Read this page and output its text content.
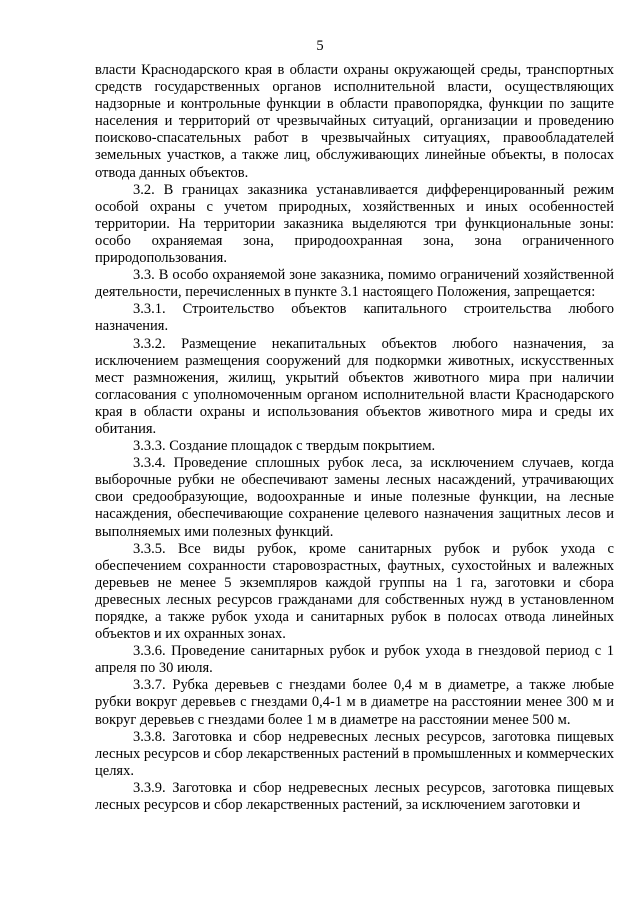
5

власти Краснодарского края в области охраны окружающей среды, транспортных средств государственных органов исполнительной власти, осуществляющих надзорные и контрольные функции в области правопорядка, функции по защите населения и территорий от чрезвычайных ситуаций, организации и проведению поисково-спасательных работ в чрезвычайных ситуациях, правообладателей земельных участков, а также лиц, обслуживающих линейные объекты, в полосах отвода данных объектов.

3.2. В границах заказника устанавливается дифференцированный режим особой охраны с учетом природных, хозяйственных и иных особенностей территории. На территории заказника выделяются три функциональные зоны: особо охраняемая зона, природоохранная зона, зона ограниченного природопользования.

3.3. В особо охраняемой зоне заказника, помимо ограничений хозяйственной деятельности, перечисленных в пункте 3.1 настоящего Положения, запрещается:

3.3.1. Строительство объектов капитального строительства любого назначения.

3.3.2. Размещение некапитальных объектов любого назначения, за исключением размещения сооружений для подкормки животных, искусственных мест размножения, жилищ, укрытий объектов животного мира при наличии согласования с уполномоченным органом исполнительной власти Краснодарского края в области охраны и использования объектов животного мира и среды их обитания.

3.3.3. Создание площадок с твердым покрытием.

3.3.4. Проведение сплошных рубок леса, за исключением случаев, когда выборочные рубки не обеспечивают замены лесных насаждений, утрачивающих свои средообразующие, водоохранные и иные полезные функции, на лесные насаждения, обеспечивающие сохранение целевого назначения защитных лесов и выполняемых ими полезных функций.

3.3.5. Все виды рубок, кроме санитарных рубок и рубок ухода с обеспечением сохранности старовозрастных, фаутных, сухостойных и валежных деревьев не менее 5 экземпляров каждой группы на 1 га, заготовки и сбора древесных лесных ресурсов гражданами для собственных нужд в установленном порядке, а также рубок ухода и санитарных рубок в полосах отвода линейных объектов и их охранных зонах.

3.3.6. Проведение санитарных рубок и рубок ухода в гнездовой период с 1 апреля по 30 июля.

3.3.7. Рубка деревьев с гнездами более 0,4 м в диаметре, а также любые рубки вокруг деревьев с гнездами 0,4-1 м в диаметре на расстоянии менее 300 м и вокруг деревьев с гнездами более 1 м в диаметре на расстоянии менее 500 м.

3.3.8. Заготовка и сбор недревесных лесных ресурсов, заготовка пищевых лесных ресурсов и сбор лекарственных растений в промышленных и коммерческих целях.

3.3.9. Заготовка и сбор недревесных лесных ресурсов, заготовка пищевых лесных ресурсов и сбор лекарственных растений, за исключением заготовки и
